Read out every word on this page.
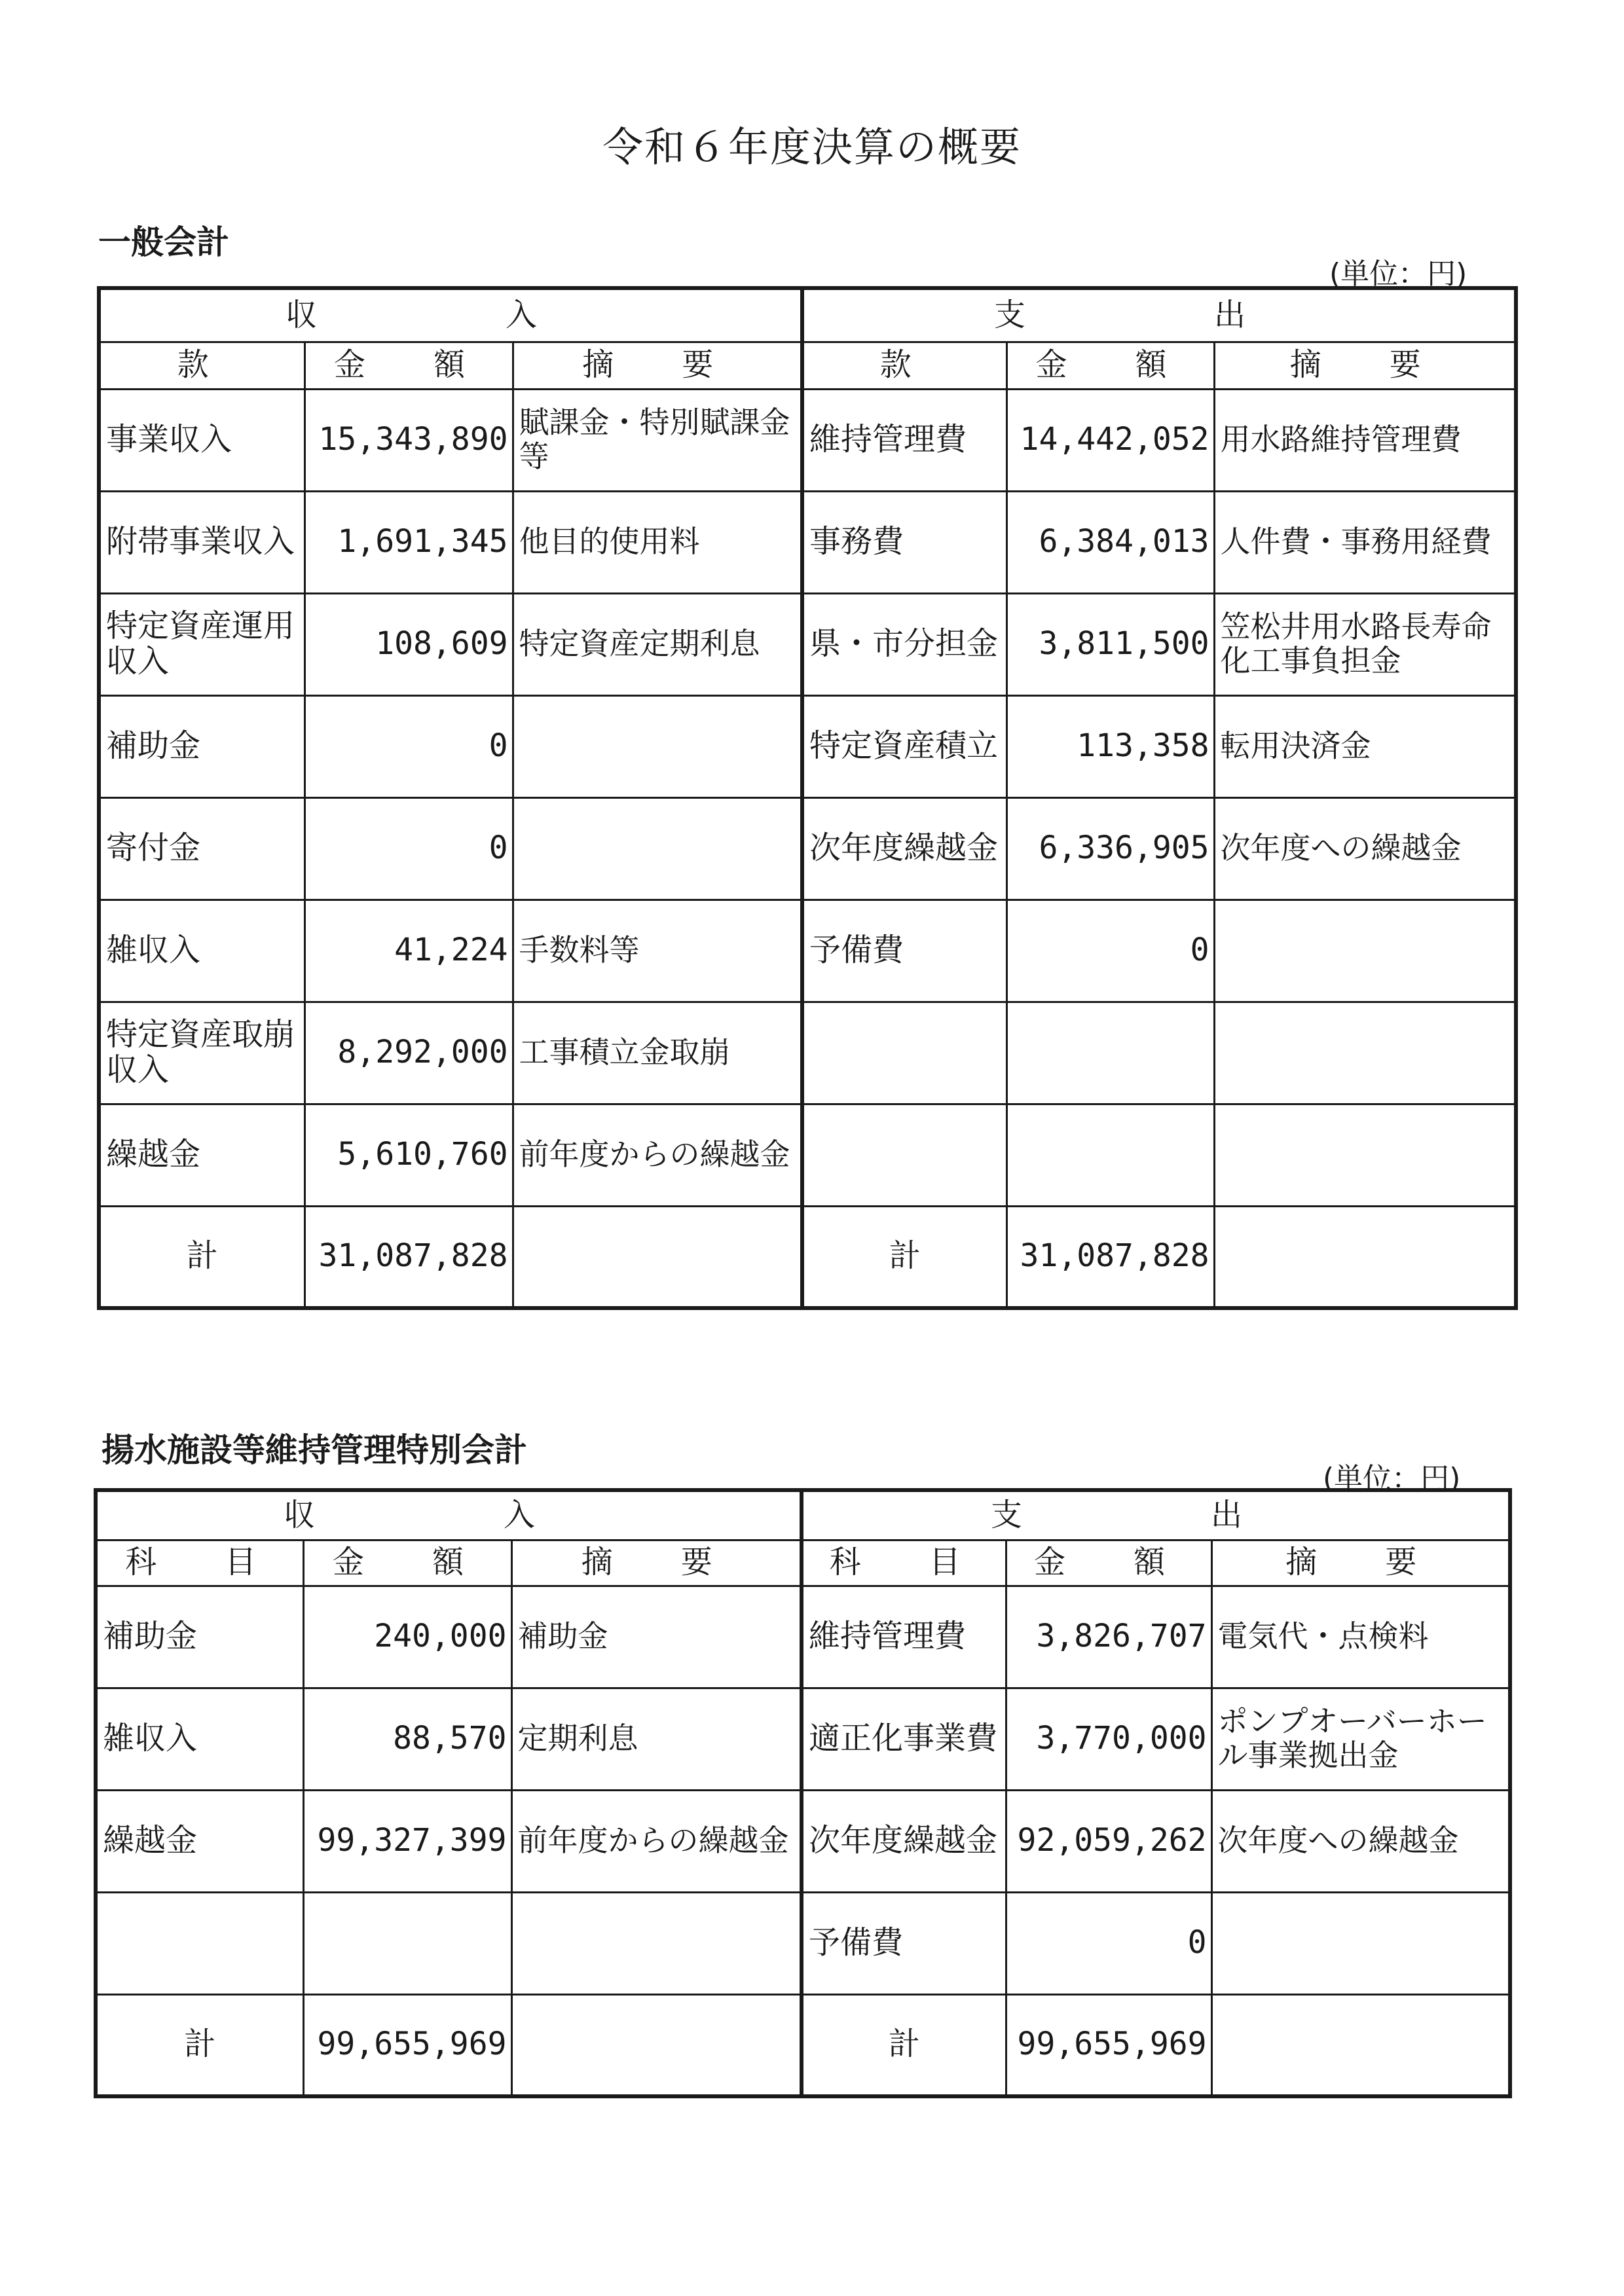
令和６年度決算の概要
一般会計
(単位：円)
収　入			支　出		
款	金　額	摘　要	款	金　額	摘　要
事業収入	15,343,890	賦課金・特別賦課金等	維持管理費	14,442,052	用水路維持管理費
附帯事業収入	1,691,345	他目的使用料	事務費	6,384,013	人件費・事務用経費
特定資産運用収入	108,609	特定資産定期利息	県・市分担金	3,811,500	笠松井用水路長寿命化工事負担金
補助金	0		特定資産積立	113,358	転用決済金
寄付金	0		次年度繰越金	6,336,905	次年度への繰越金
雑収入	41,224	手数料等	予備費	0	
特定資産取崩収入	8,292,000	工事積立金取崩			
繰越金	5,610,760	前年度からの繰越金			
計	31,087,828		計	31,087,828	
揚水施設等維持管理特別会計
(単位：円)
収　入			支　出		
科　目	金　額	摘　要	科　目	金　額	摘　要
補助金	240,000	補助金	維持管理費	3,826,707	電気代・点検料
雑収入	88,570	定期利息	適正化事業費	3,770,000	ポンプオーバーホール事業拠出金
繰越金	99,327,399	前年度からの繰越金	次年度繰越金	92,059,262	次年度への繰越金
			予備費	0	
計	99,655,969		計	99,655,969	
